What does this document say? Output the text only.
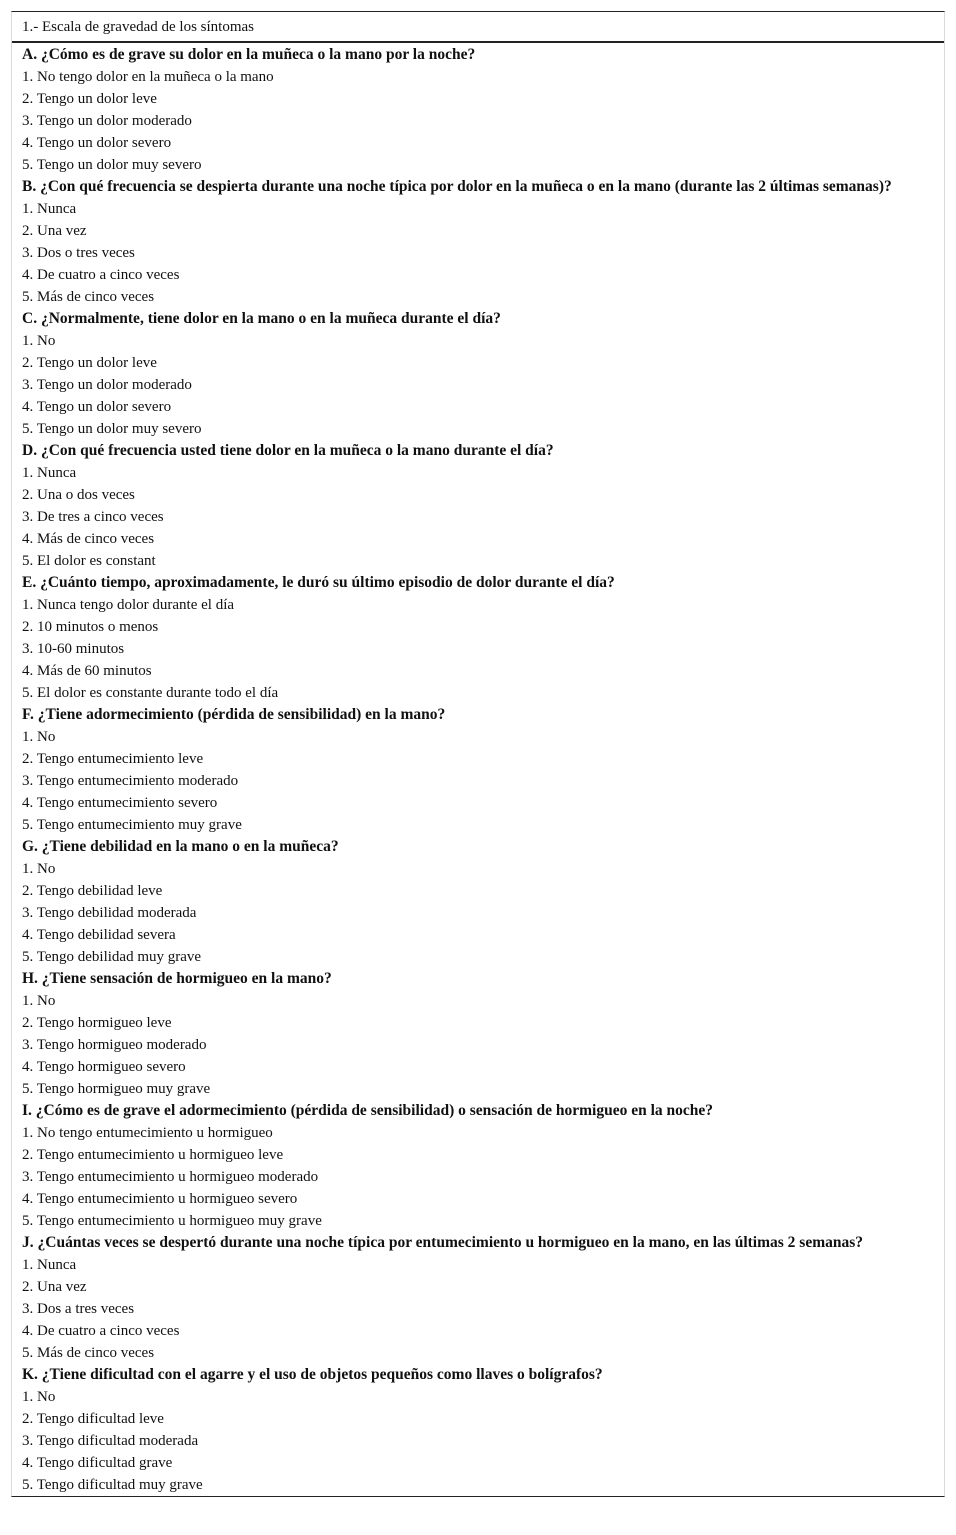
1.- Escala de gravedad de los síntomas
A. ¿Cómo es de grave su dolor en la muñeca o la mano por la noche?
1. No tengo dolor en la muñeca o la mano
2. Tengo un dolor leve
3. Tengo un dolor moderado
4. Tengo un dolor severo
5. Tengo un dolor muy severo
B. ¿Con qué frecuencia se despierta durante una noche típica por dolor en la muñeca o en la mano (durante las 2 últimas semanas)?
1. Nunca
2. Una vez
3. Dos o tres veces
4. De cuatro a cinco veces
5. Más de cinco veces
C. ¿Normalmente, tiene dolor en la mano o en la muñeca durante el día?
1. No
2. Tengo un dolor leve
3. Tengo un dolor moderado
4. Tengo un dolor severo
5. Tengo un dolor muy severo
D. ¿Con qué frecuencia usted tiene dolor en la muñeca o la mano durante el día?
1. Nunca
2. Una o dos veces
3. De tres a cinco veces
4. Más de cinco veces
5. El dolor es constant
E. ¿Cuánto tiempo, aproximadamente, le duró su último episodio de dolor durante el día?
1. Nunca tengo dolor durante el día
2. 10 minutos o menos
3. 10-60 minutos
4. Más de 60 minutos
5. El dolor es constante durante todo el día
F. ¿Tiene adormecimiento (pérdida de sensibilidad) en la mano?
1. No
2. Tengo entumecimiento leve
3. Tengo entumecimiento moderado
4. Tengo entumecimiento severo
5. Tengo entumecimiento muy grave
G. ¿Tiene debilidad en la mano o en la muñeca?
1. No
2. Tengo debilidad leve
3. Tengo debilidad moderada
4. Tengo debilidad severa
5. Tengo debilidad muy grave
H. ¿Tiene sensación de hormigueo en la mano?
1. No
2. Tengo hormigueo leve
3. Tengo hormigueo moderado
4. Tengo hormigueo severo
5. Tengo hormigueo muy grave
I. ¿Cómo es de grave el adormecimiento (pérdida de sensibilidad) o sensación de hormigueo en la noche?
1. No tengo entumecimiento u hormigueo
2. Tengo entumecimiento u hormigueo leve
3. Tengo entumecimiento u hormigueo moderado
4. Tengo entumecimiento u hormigueo severo
5. Tengo entumecimiento u hormigueo muy grave
J. ¿Cuántas veces se despertó durante una noche típica por entumecimiento u hormigueo en la mano, en las últimas 2 semanas?
1. Nunca
2. Una vez
3. Dos a tres veces
4. De cuatro a cinco veces
5. Más de cinco veces
K. ¿Tiene dificultad con el agarre y el uso de objetos pequeños como llaves o bolígrafos?
1. No
2. Tengo dificultad leve
3. Tengo dificultad moderada
4. Tengo dificultad grave
5. Tengo dificultad muy grave
